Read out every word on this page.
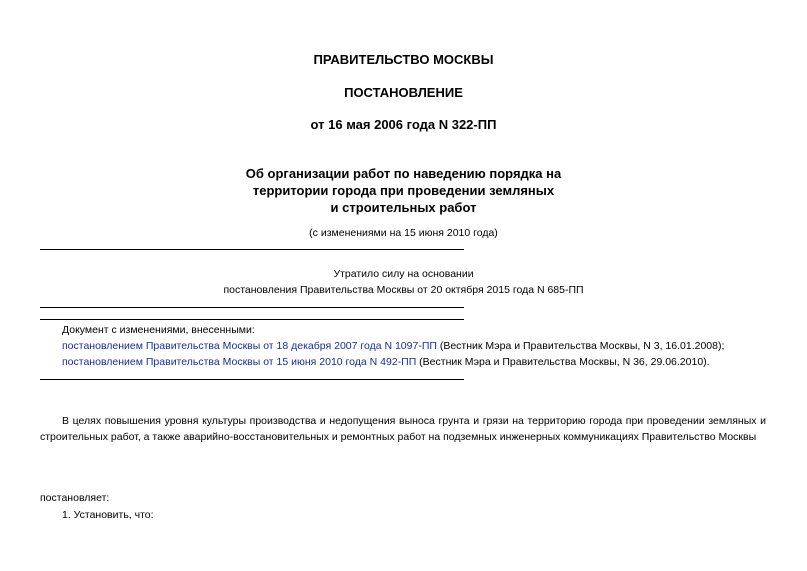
ПРАВИТЕЛЬСТВО МОСКВЫ
ПОСТАНОВЛЕНИЕ
от 16 мая 2006 года N 322-ПП
Об организации работ по наведению порядка на
территории города при проведении земляных
и строительных работ
(с изменениями на 15 июня 2010 года)
Утратило силу на основании
постановления Правительства Москвы от 20 октября 2015 года N 685-ПП
Документ с изменениями, внесенными:
постановлением Правительства Москвы от 18 декабря 2007 года N 1097-ПП (Вестник Мэра и Правительства Москвы, N 3, 16.01.2008);
постановлением Правительства Москвы от 15 июня 2010 года N 492-ПП (Вестник Мэра и Правительства Москвы, N 36, 29.06.2010).
В целях повышения уровня культуры производства и недопущения выноса грунта и грязи на территорию города при проведении земляных и строительных работ, а также аварийно-восстановительных и ремонтных работ на подземных инженерных коммуникациях Правительство Москвы
постановляет:
1. Установить, что:
